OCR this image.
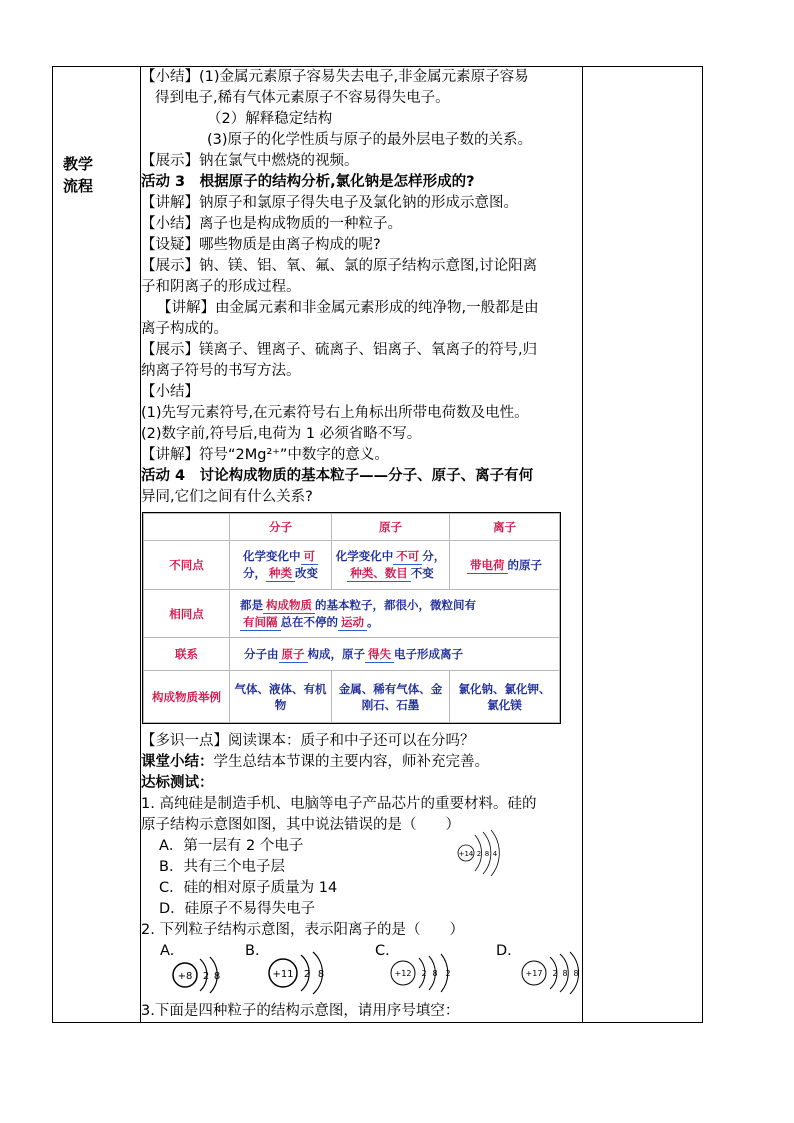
教学
流程
【小结】(1)金属元素原子容易失去电子,非金属元素原子容易
得到电子,稀有气体元素原子不容易得失电子。
（2）解释稳定结构
(3)原子的化学性质与原子的最外层电子数的关系。
【展示】钠在氯气中燃烧的视频。
活动 3　根据原子的结构分析,氯化钠是怎样形成的?
【讲解】钠原子和氯原子得失电子及氯化钠的形成示意图。
【小结】离子也是构成物质的一种粒子。
【设疑】哪些物质是由离子构成的呢?
【展示】钠、镁、铝、氧、氟、氯的原子结构示意图,讨论阳离
子和阴离子的形成过程。
【讲解】由金属元素和非金属元素形成的纯净物,一般都是由
离子构成的。
【展示】镁离子、锂离子、硫离子、铝离子、氧离子的符号,归
纳离子符号的书写方法。
【小结】
(1)先写元素符号,在元素符号右上角标出所带电荷数及电性。
(2)数字前,符号后,电荷为 1 必须省略不写。
【讲解】符号“2Mg²⁺”中数字的意义。
活动 4　讨论构成物质的基本粒子——分子、原子、离子有何
异同,它们之间有什么关系?
	分子	原子	离子
不同点	化学变化中 可分， 种类 改变	化学变化中 不可 分，种类、数目 不变	带电荷 的原子
相同点	都是 构成物质 的基本粒子，都很小，微粒间有
有间隔 总在不停的 运动 。		
联系	分子由 原子 构成，原子 得失 电子形成离子		
构成物质举例	气体、液体、有机物	金属、稀有气体、金刚石、石墨	氯化钠、氯化钾、氯化镁
【多识一点】阅读课本：质子和中子还可以在分吗？
课堂小结：学生总结本节课的主要内容，师补充完善。
达标测试：
1. 高纯硅是制造手机、电脑等电子产品芯片的重要材料。硅的
原子结构示意图如图，其中说法错误的是（　　）
A．第一层有 2 个电子
B．共有三个电子层
C．硅的相对原子质量为 14
D．硅原子不易得失电子
2. 下列粒子结构示意图，表示阳离子的是（　　）
3.下面是四种粒子的结构示意图，请用序号填空：
+14 2 8 4
A.
+8 2 8
B.
+11 2 8
C.
+12 2 8 2
D.
+17 2 8 8
